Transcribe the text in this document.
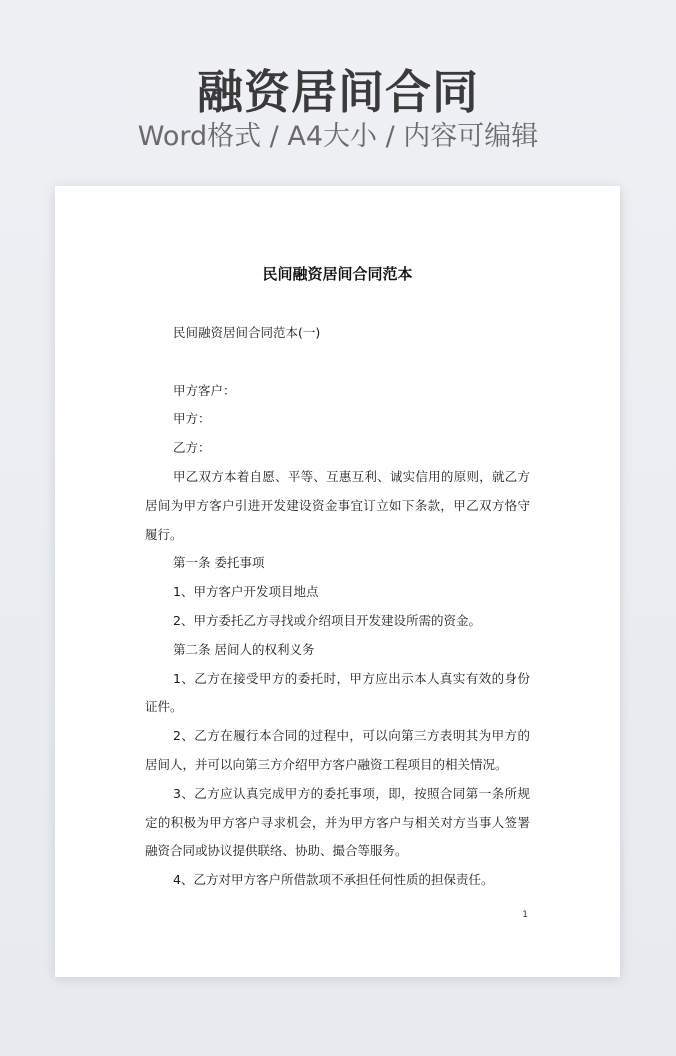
融资居间合同
Word格式 / A4大小 / 内容可编辑
民间融资居间合同范本

民间融资居间合同范本(一)

甲方客户：

甲方：

乙方：

甲乙双方本着自愿、平等、互惠互利、诚实信用的原则，就乙方居间为甲方客户引进开发建设资金事宜订立如下条款，甲乙双方恪守履行。

第一条 委托事项

1、甲方客户开发项目地点

2、甲方委托乙方寻找或介绍项目开发建设所需的资金。

第二条 居间人的权利义务

1、乙方在接受甲方的委托时，甲方应出示本人真实有效的身份证件。

2、乙方在履行本合同的过程中，可以向第三方表明其为甲方的居间人，并可以向第三方介绍甲方客户融资工程项目的相关情况。

3、乙方应认真完成甲方的委托事项，即，按照合同第一条所规定的积极为甲方客户寻求机会，并为甲方客户与相关对方当事人签署融资合同或协议提供联络、协助、撮合等服务。

4、乙方对甲方客户所借款项不承担任何性质的担保责任。

1
